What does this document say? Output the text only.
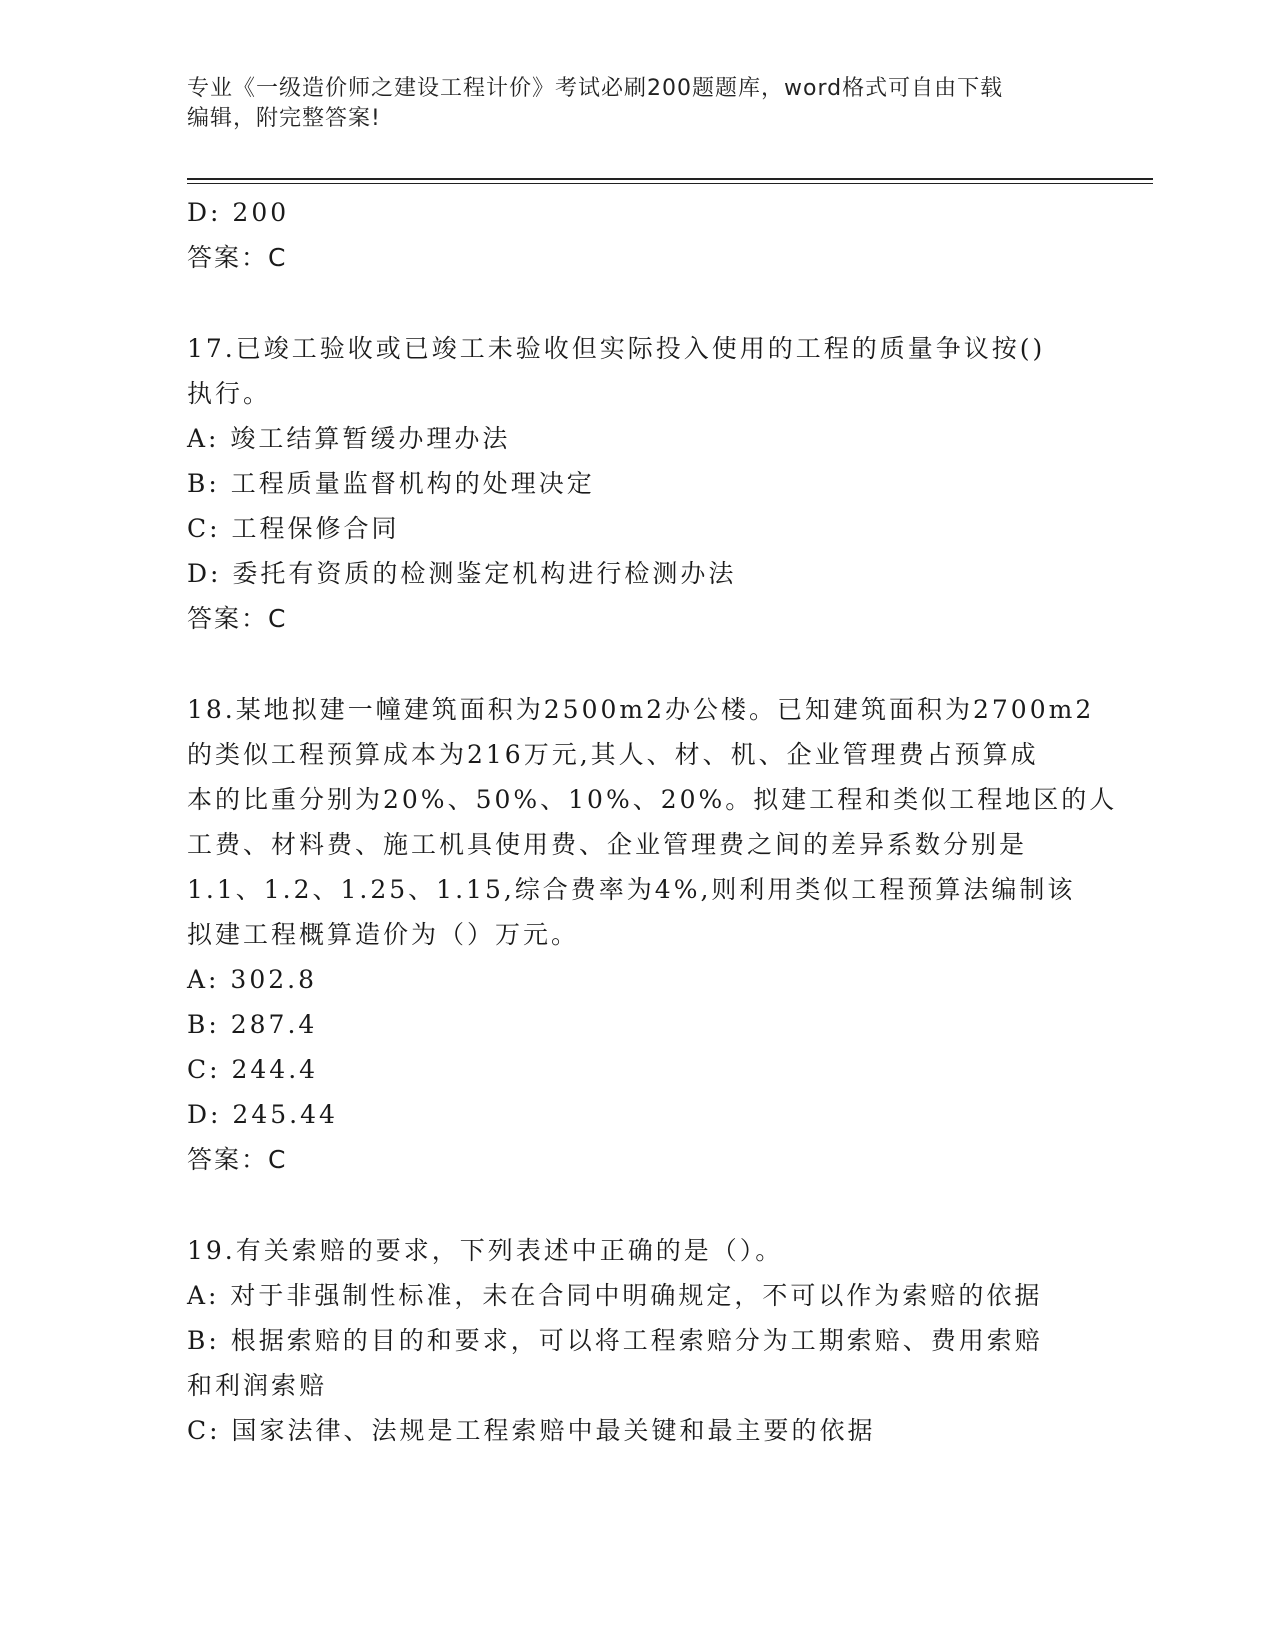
专业《一级造价师之建设工程计价》考试必刷200题题库，word格式可自由下载
编辑，附完整答案!
D: 200
答案：C
17.已竣工验收或已竣工未验收但实际投入使用的工程的质量争议按()
执行。
A: 竣工结算暂缓办理办法
B: 工程质量监督机构的处理决定
C: 工程保修合同
D: 委托有资质的检测鉴定机构进行检测办法
答案：C
18.某地拟建一幢建筑面积为2500m2办公楼。已知建筑面积为2700m2
的类似工程预算成本为216万元,其人、材、机、企业管理费占预算成
本的比重分别为20%、50%、10%、20%。拟建工程和类似工程地区的人
工费、材料费、施工机具使用费、企业管理费之间的差异系数分别是
1.1、1.2、1.25、1.15,综合费率为4%,则利用类似工程预算法编制该
拟建工程概算造价为（）万元。
A: 302.8
B: 287.4
C: 244.4
D: 245.44
答案：C
19.有关索赔的要求，下列表述中正确的是（）。
A: 对于非强制性标准，未在合同中明确规定，不可以作为索赔的依据
B: 根据索赔的目的和要求，可以将工程索赔分为工期索赔、费用索赔
和利润索赔
C: 国家法律、法规是工程索赔中最关键和最主要的依据
